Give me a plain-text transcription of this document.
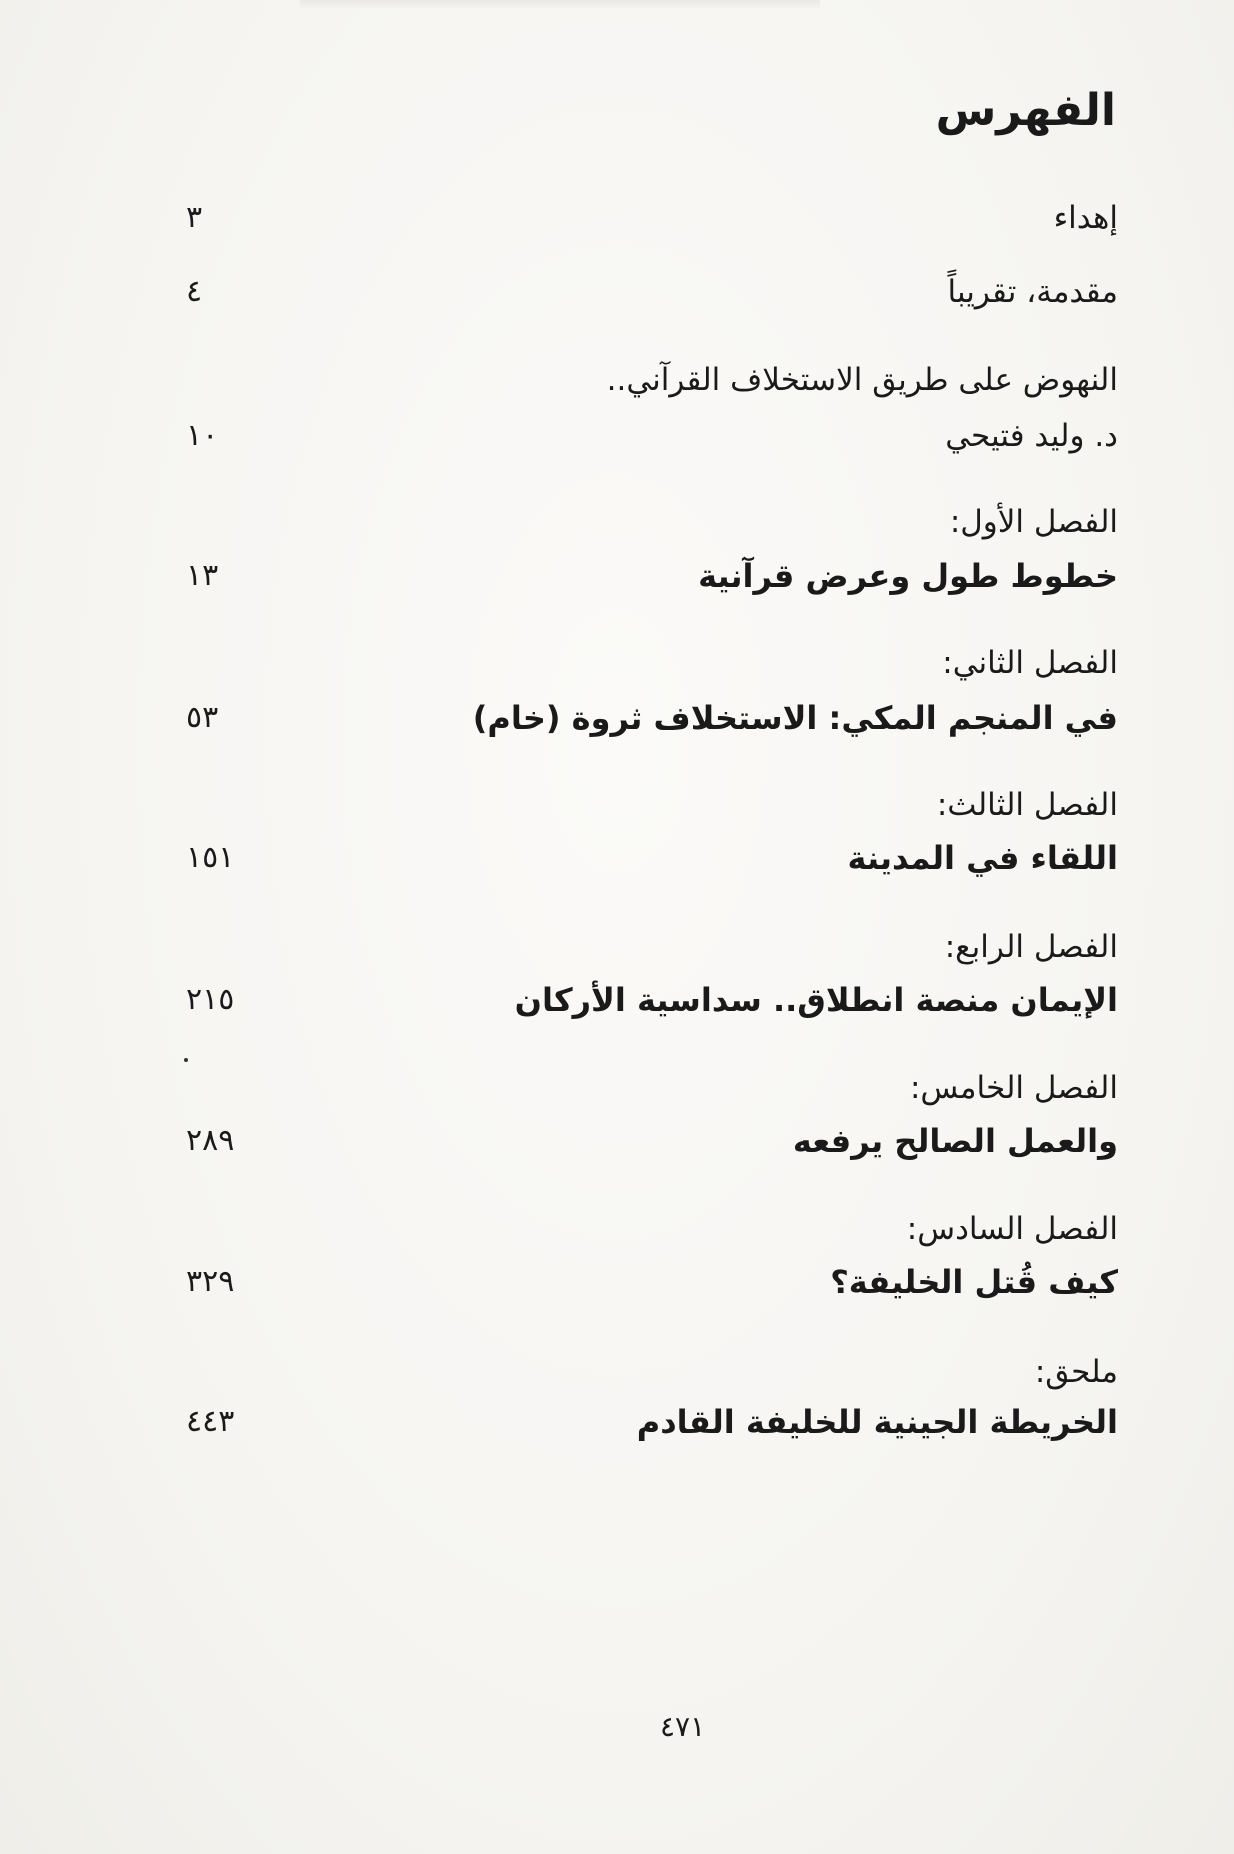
الفهرس
إهداء
٣
مقدمة، تقريباً
٤
النهوض على طريق الاستخلاف القرآني..
د. وليد فتيحي
١٠
الفصل الأول:
خطوط طول وعرض قرآنية
١٣
الفصل الثاني:
في المنجم المكي: الاستخلاف ثروة (خام)
٥٣
الفصل الثالث:
اللقاء في المدينة
١٥١
الفصل الرابع:
الإيمان منصة انطلاق.. سداسية الأركان
٢١٥
الفصل الخامس:
والعمل الصالح يرفعه
٢٨٩
الفصل السادس:
كيف قُتل الخليفة؟
٣٢٩
ملحق:
الخريطة الجينية للخليفة القادم
٤٤٣
٤٧١
